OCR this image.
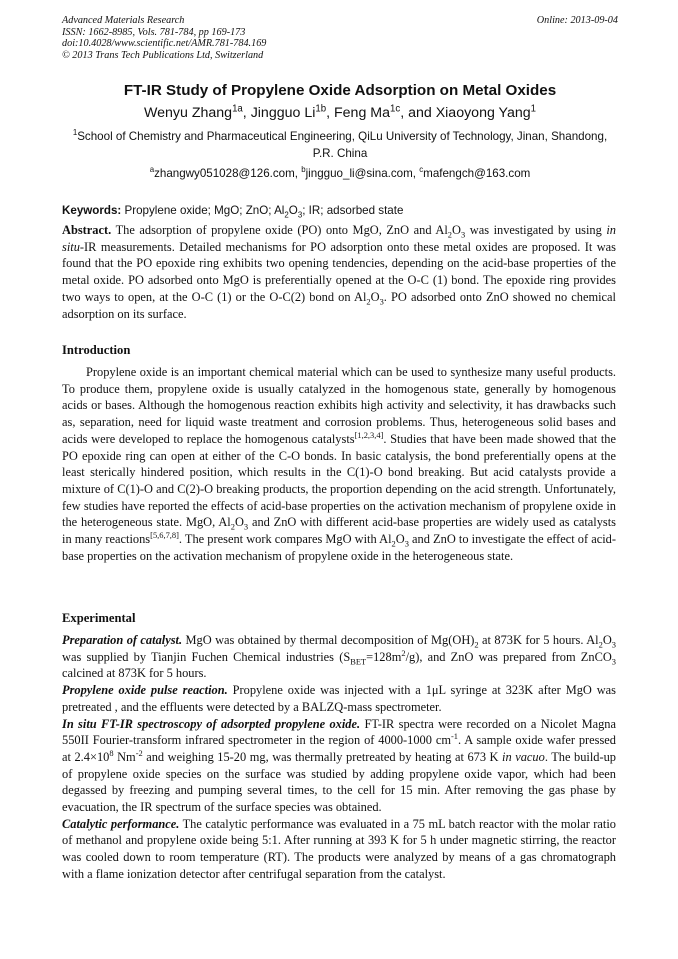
Advanced Materials Research
ISSN: 1662-8985, Vols. 781-784, pp 169-173
doi:10.4028/www.scientific.net/AMR.781-784.169
© 2013 Trans Tech Publications Ltd, Switzerland
Online: 2013-09-04
FT-IR Study of Propylene Oxide Adsorption on Metal Oxides
Wenyu Zhang$^{1a}$, Jingguo $Li^{1b}$, Feng $Ma^{1c}$, and Xiaoyong Yang$^1$
$^1$School of Chemistry and Pharmaceutical Engineering, QiLu University of Technology, Jinan, Shandong, P.R. China
$^a$zhangwy051028@126.com, $^b$jingguo_li@sina.com, $^c$mafengch@163.com
Keywords: Propylene oxide; MgO; ZnO; $Al_2O_3$; IR; adsorbed state
Abstract. The adsorption of propylene oxide (PO) onto MgO, ZnO and $Al_2O_3$ was investigated by using in situ-IR measurements. Detailed mechanisms for PO adsorption onto these metal oxides are proposed. It was found that the PO epoxide ring exhibits two opening tendencies, depending on the acid-base properties of the metal oxide. PO adsorbed onto MgO is preferentially opened at the O-C (1) bond. The epoxide ring provides two ways to open, at the O-C (1) or the O-C(2) bond on $Al_2O_3$. PO adsorbed onto ZnO showed no chemical adsorption on its surface.
Introduction
Propylene oxide is an important chemical material which can be used to synthesize many useful products. To produce them, propylene oxide is usually catalyzed in the homogenous state, generally by homogenous acids or bases. Although the homogenous reaction exhibits high activity and selectivity, it has drawbacks such as, separation, need for liquid waste treatment and corrosion problems. Thus, heterogeneous solid bases and acids were developed to replace the homogenous catalysts[1,2,3,4]. Studies that have been made showed that the PO epoxide ring can open at either of the C-O bonds. In basic catalysis, the bond preferentially opens at the least sterically hindered position, which results in the C(1)-O bond breaking. But acid catalysts provide a mixture of C(1)-O and C(2)-O breaking products, the proportion depending on the acid strength. Unfortunately, few studies have reported the effects of acid-base properties on the activation mechanism of propylene oxide in the heterogeneous state. MgO, $Al_2O_3$ and ZnO with different acid-base properties are widely used as catalysts in many reactions[5,6,7,8]. The present work compares MgO with $Al_2O_3$ and ZnO to investigate the effect of acid-base properties on the activation mechanism of propylene oxide in the heterogeneous state.
Experimental

Preparation of catalyst. MgO was obtained by thermal decomposition of $Mg(OH)_2$ at 873K for 5 hours. $Al_2O_3$ was supplied by Tianjin Fuchen Chemical industries $(S_{BET}=128m^2/g)$, and ZnO was prepared from ZnCO$_3$ calcined at 873K for 5 hours.

Propylene oxide pulse reaction. Propylene oxide was injected with a 1μL syringe at 323K after MgO was pretreated , and the effluents were detected by a BALZQ-mass spectrometer.

In situ FT-IR spectroscopy of adsorpted propylene oxide. FT-IR spectra were recorded on a Nicolet Magna 550II Fourier-transform infrared spectrometer in the region of 4000-1000 $cm^{-1}$. A sample oxide wafer pressed at $2.4\times 10^8$ $Nm^{-2}$ and weighing 15-20 mg, was thermally pretreated by heating at 673 K in vacuo. The build-up of propylene oxide species on the surface was studied by adding propylene oxide vapor, which had been degassed by freezing and pumping several times, to the cell for 15 min. After removing the gas phase by evacuation, the IR spectrum of the surface species was obtained.

Catalytic performance. The catalytic performance was evaluated in a 75 mL batch reactor with the molar ratio of methanol and propylene oxide being 5:1. After running at 393 K for 5 h under magnetic stirring, the reactor was cooled down to room temperature (RT). The products were analyzed by means of a gas chromatograph with a flame ionization detector after centrifugal separation from the catalyst.
